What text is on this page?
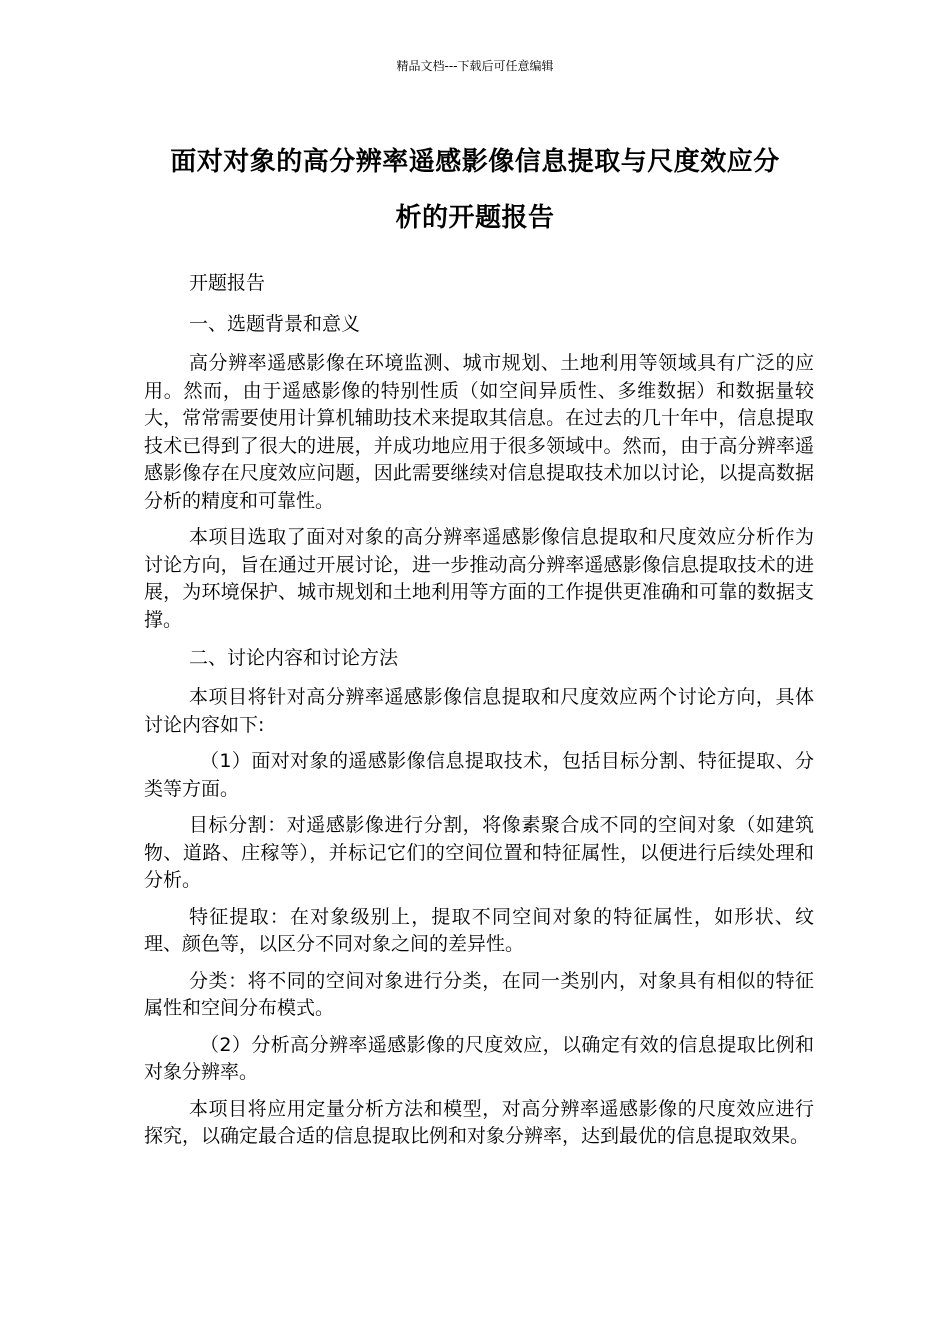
精品文档---下载后可任意编辑
面对对象的高分辨率遥感影像信息提取与尺度效应分
析的开题报告

开题报告

一、选题背景和意义

高分辨率遥感影像在环境监测、城市规划、土地利用等领域具有广泛的应用。然而，由于遥感影像的特别性质（如空间异质性、多维数据）和数据量较大，常常需要使用计算机辅助技术来提取其信息。在过去的几十年中，信息提取技术已得到了很大的进展，并成功地应用于很多领域中。然而，由于高分辨率遥感影像存在尺度效应问题，因此需要继续对信息提取技术加以讨论，以提高数据分析的精度和可靠性。

本项目选取了面对对象的高分辨率遥感影像信息提取和尺度效应分析作为讨论方向，旨在通过开展讨论，进一步推动高分辨率遥感影像信息提取技术的进展，为环境保护、城市规划和土地利用等方面的工作提供更准确和可靠的数据支撑。

二、讨论内容和讨论方法

本项目将针对高分辨率遥感影像信息提取和尺度效应两个讨论方向，具体讨论内容如下:

（1）面对对象的遥感影像信息提取技术，包括目标分割、特征提取、分类等方面。

目标分割：对遥感影像进行分割，将像素聚合成不同的空间对象（如建筑物、道路、庄稼等），并标记它们的空间位置和特征属性，以便进行后续处理和分析。

特征提取：在对象级别上，提取不同空间对象的特征属性，如形状、纹理、颜色等，以区分不同对象之间的差异性。

分类：将不同的空间对象进行分类，在同一类别内，对象具有相似的特征属性和空间分布模式。

（2）分析高分辨率遥感影像的尺度效应，以确定有效的信息提取比例和对象分辨率。

本项目将应用定量分析方法和模型，对高分辨率遥感影像的尺度效应进行探究，以确定最合适的信息提取比例和对象分辨率，达到最优的信息提取效果。
